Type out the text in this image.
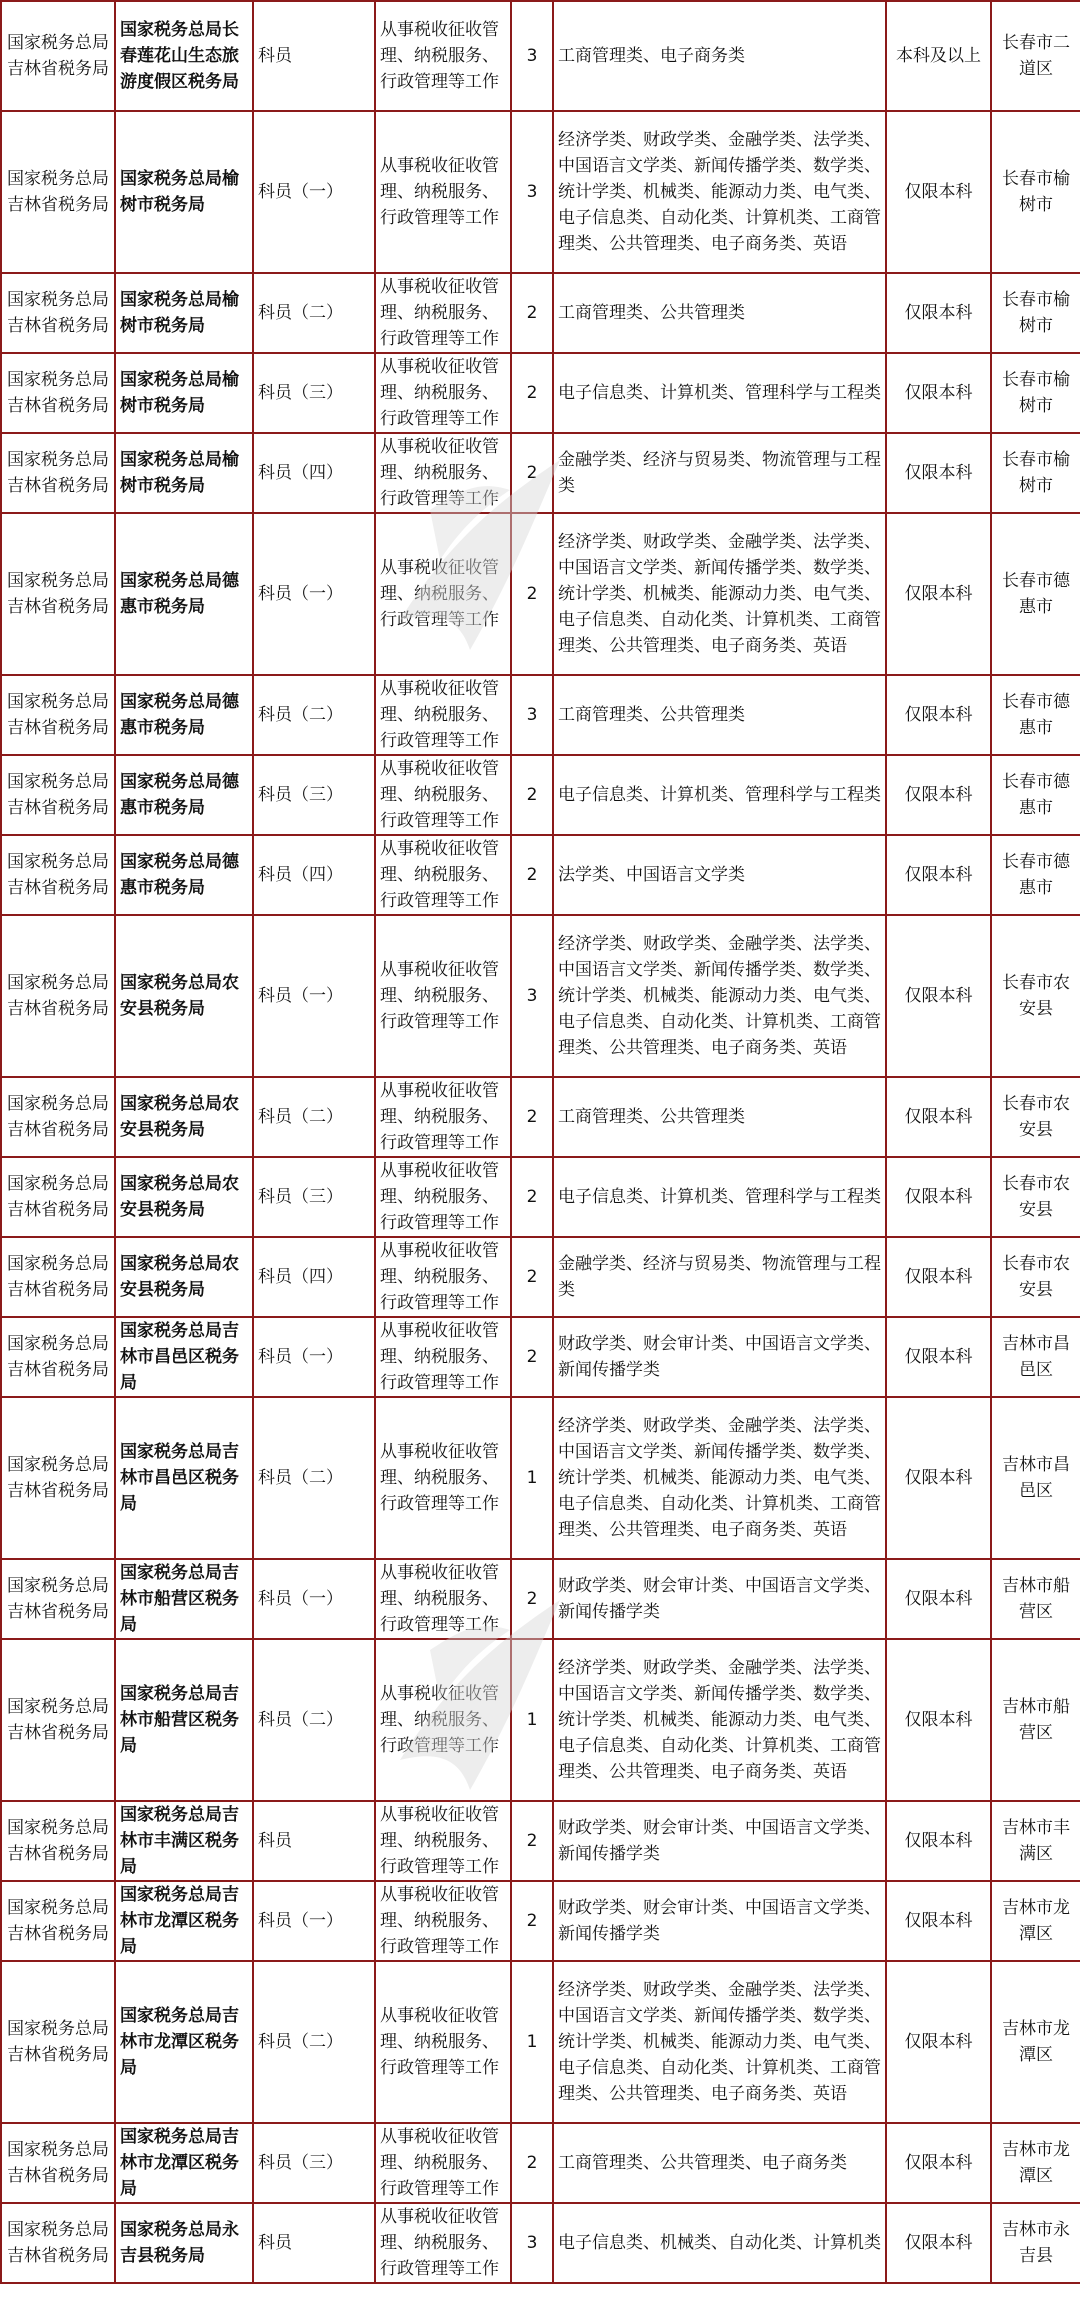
国家税务总局吉林省税务局	国家税务总局长春莲花山生态旅游度假区税务局	科员	从事税收征收管理、纳税服务、行政管理等工作	3	工商管理类、电子商务类	本科及以上	长春市二道区
国家税务总局吉林省税务局	国家税务总局榆树市税务局	科员（一）	从事税收征收管理、纳税服务、行政管理等工作	3	经济学类、财政学类、金融学类、法学类、中国语言文学类、新闻传播学类、数学类、统计学类、机械类、能源动力类、电气类、电子信息类、自动化类、计算机类、工商管理类、公共管理类、电子商务类、英语	仅限本科	长春市榆树市
国家税务总局吉林省税务局	国家税务总局榆树市税务局	科员（二）	从事税收征收管理、纳税服务、行政管理等工作	2	工商管理类、公共管理类	仅限本科	长春市榆树市
国家税务总局吉林省税务局	国家税务总局榆树市税务局	科员（三）	从事税收征收管理、纳税服务、行政管理等工作	2	电子信息类、计算机类、管理科学与工程类	仅限本科	长春市榆树市
国家税务总局吉林省税务局	国家税务总局榆树市税务局	科员（四）	从事税收征收管理、纳税服务、行政管理等工作	2	金融学类、经济与贸易类、物流管理与工程类	仅限本科	长春市榆树市
国家税务总局吉林省税务局	国家税务总局德惠市税务局	科员（一）	从事税收征收管理、纳税服务、行政管理等工作	2	经济学类、财政学类、金融学类、法学类、中国语言文学类、新闻传播学类、数学类、统计学类、机械类、能源动力类、电气类、电子信息类、自动化类、计算机类、工商管理类、公共管理类、电子商务类、英语	仅限本科	长春市德惠市
国家税务总局吉林省税务局	国家税务总局德惠市税务局	科员（二）	从事税收征收管理、纳税服务、行政管理等工作	3	工商管理类、公共管理类	仅限本科	长春市德惠市
国家税务总局吉林省税务局	国家税务总局德惠市税务局	科员（三）	从事税收征收管理、纳税服务、行政管理等工作	2	电子信息类、计算机类、管理科学与工程类	仅限本科	长春市德惠市
国家税务总局吉林省税务局	国家税务总局德惠市税务局	科员（四）	从事税收征收管理、纳税服务、行政管理等工作	2	法学类、中国语言文学类	仅限本科	长春市德惠市
国家税务总局吉林省税务局	国家税务总局农安县税务局	科员（一）	从事税收征收管理、纳税服务、行政管理等工作	3	经济学类、财政学类、金融学类、法学类、中国语言文学类、新闻传播学类、数学类、统计学类、机械类、能源动力类、电气类、电子信息类、自动化类、计算机类、工商管理类、公共管理类、电子商务类、英语	仅限本科	长春市农安县
国家税务总局吉林省税务局	国家税务总局农安县税务局	科员（二）	从事税收征收管理、纳税服务、行政管理等工作	2	工商管理类、公共管理类	仅限本科	长春市农安县
国家税务总局吉林省税务局	国家税务总局农安县税务局	科员（三）	从事税收征收管理、纳税服务、行政管理等工作	2	电子信息类、计算机类、管理科学与工程类	仅限本科	长春市农安县
国家税务总局吉林省税务局	国家税务总局农安县税务局	科员（四）	从事税收征收管理、纳税服务、行政管理等工作	2	金融学类、经济与贸易类、物流管理与工程类	仅限本科	长春市农安县
国家税务总局吉林省税务局	国家税务总局吉林市昌邑区税务局	科员（一）	从事税收征收管理、纳税服务、行政管理等工作	2	财政学类、财会审计类、中国语言文学类、新闻传播学类	仅限本科	吉林市昌邑区
国家税务总局吉林省税务局	国家税务总局吉林市昌邑区税务局	科员（二）	从事税收征收管理、纳税服务、行政管理等工作	1	经济学类、财政学类、金融学类、法学类、中国语言文学类、新闻传播学类、数学类、统计学类、机械类、能源动力类、电气类、电子信息类、自动化类、计算机类、工商管理类、公共管理类、电子商务类、英语	仅限本科	吉林市昌邑区
国家税务总局吉林省税务局	国家税务总局吉林市船营区税务局	科员（一）	从事税收征收管理、纳税服务、行政管理等工作	2	财政学类、财会审计类、中国语言文学类、新闻传播学类	仅限本科	吉林市船营区
国家税务总局吉林省税务局	国家税务总局吉林市船营区税务局	科员（二）	从事税收征收管理、纳税服务、行政管理等工作	1	经济学类、财政学类、金融学类、法学类、中国语言文学类、新闻传播学类、数学类、统计学类、机械类、能源动力类、电气类、电子信息类、自动化类、计算机类、工商管理类、公共管理类、电子商务类、英语	仅限本科	吉林市船营区
国家税务总局吉林省税务局	国家税务总局吉林市丰满区税务局	科员	从事税收征收管理、纳税服务、行政管理等工作	2	财政学类、财会审计类、中国语言文学类、新闻传播学类	仅限本科	吉林市丰满区
国家税务总局吉林省税务局	国家税务总局吉林市龙潭区税务局	科员（一）	从事税收征收管理、纳税服务、行政管理等工作	2	财政学类、财会审计类、中国语言文学类、新闻传播学类	仅限本科	吉林市龙潭区
国家税务总局吉林省税务局	国家税务总局吉林市龙潭区税务局	科员（二）	从事税收征收管理、纳税服务、行政管理等工作	1	经济学类、财政学类、金融学类、法学类、中国语言文学类、新闻传播学类、数学类、统计学类、机械类、能源动力类、电气类、电子信息类、自动化类、计算机类、工商管理类、公共管理类、电子商务类、英语	仅限本科	吉林市龙潭区
国家税务总局吉林省税务局	国家税务总局吉林市龙潭区税务局	科员（三）	从事税收征收管理、纳税服务、行政管理等工作	2	工商管理类、公共管理类、电子商务类	仅限本科	吉林市龙潭区
国家税务总局吉林省税务局	国家税务总局永吉县税务局	科员	从事税收征收管理、纳税服务、行政管理等工作	3	电子信息类、机械类、自动化类、计算机类	仅限本科	吉林市永吉县
